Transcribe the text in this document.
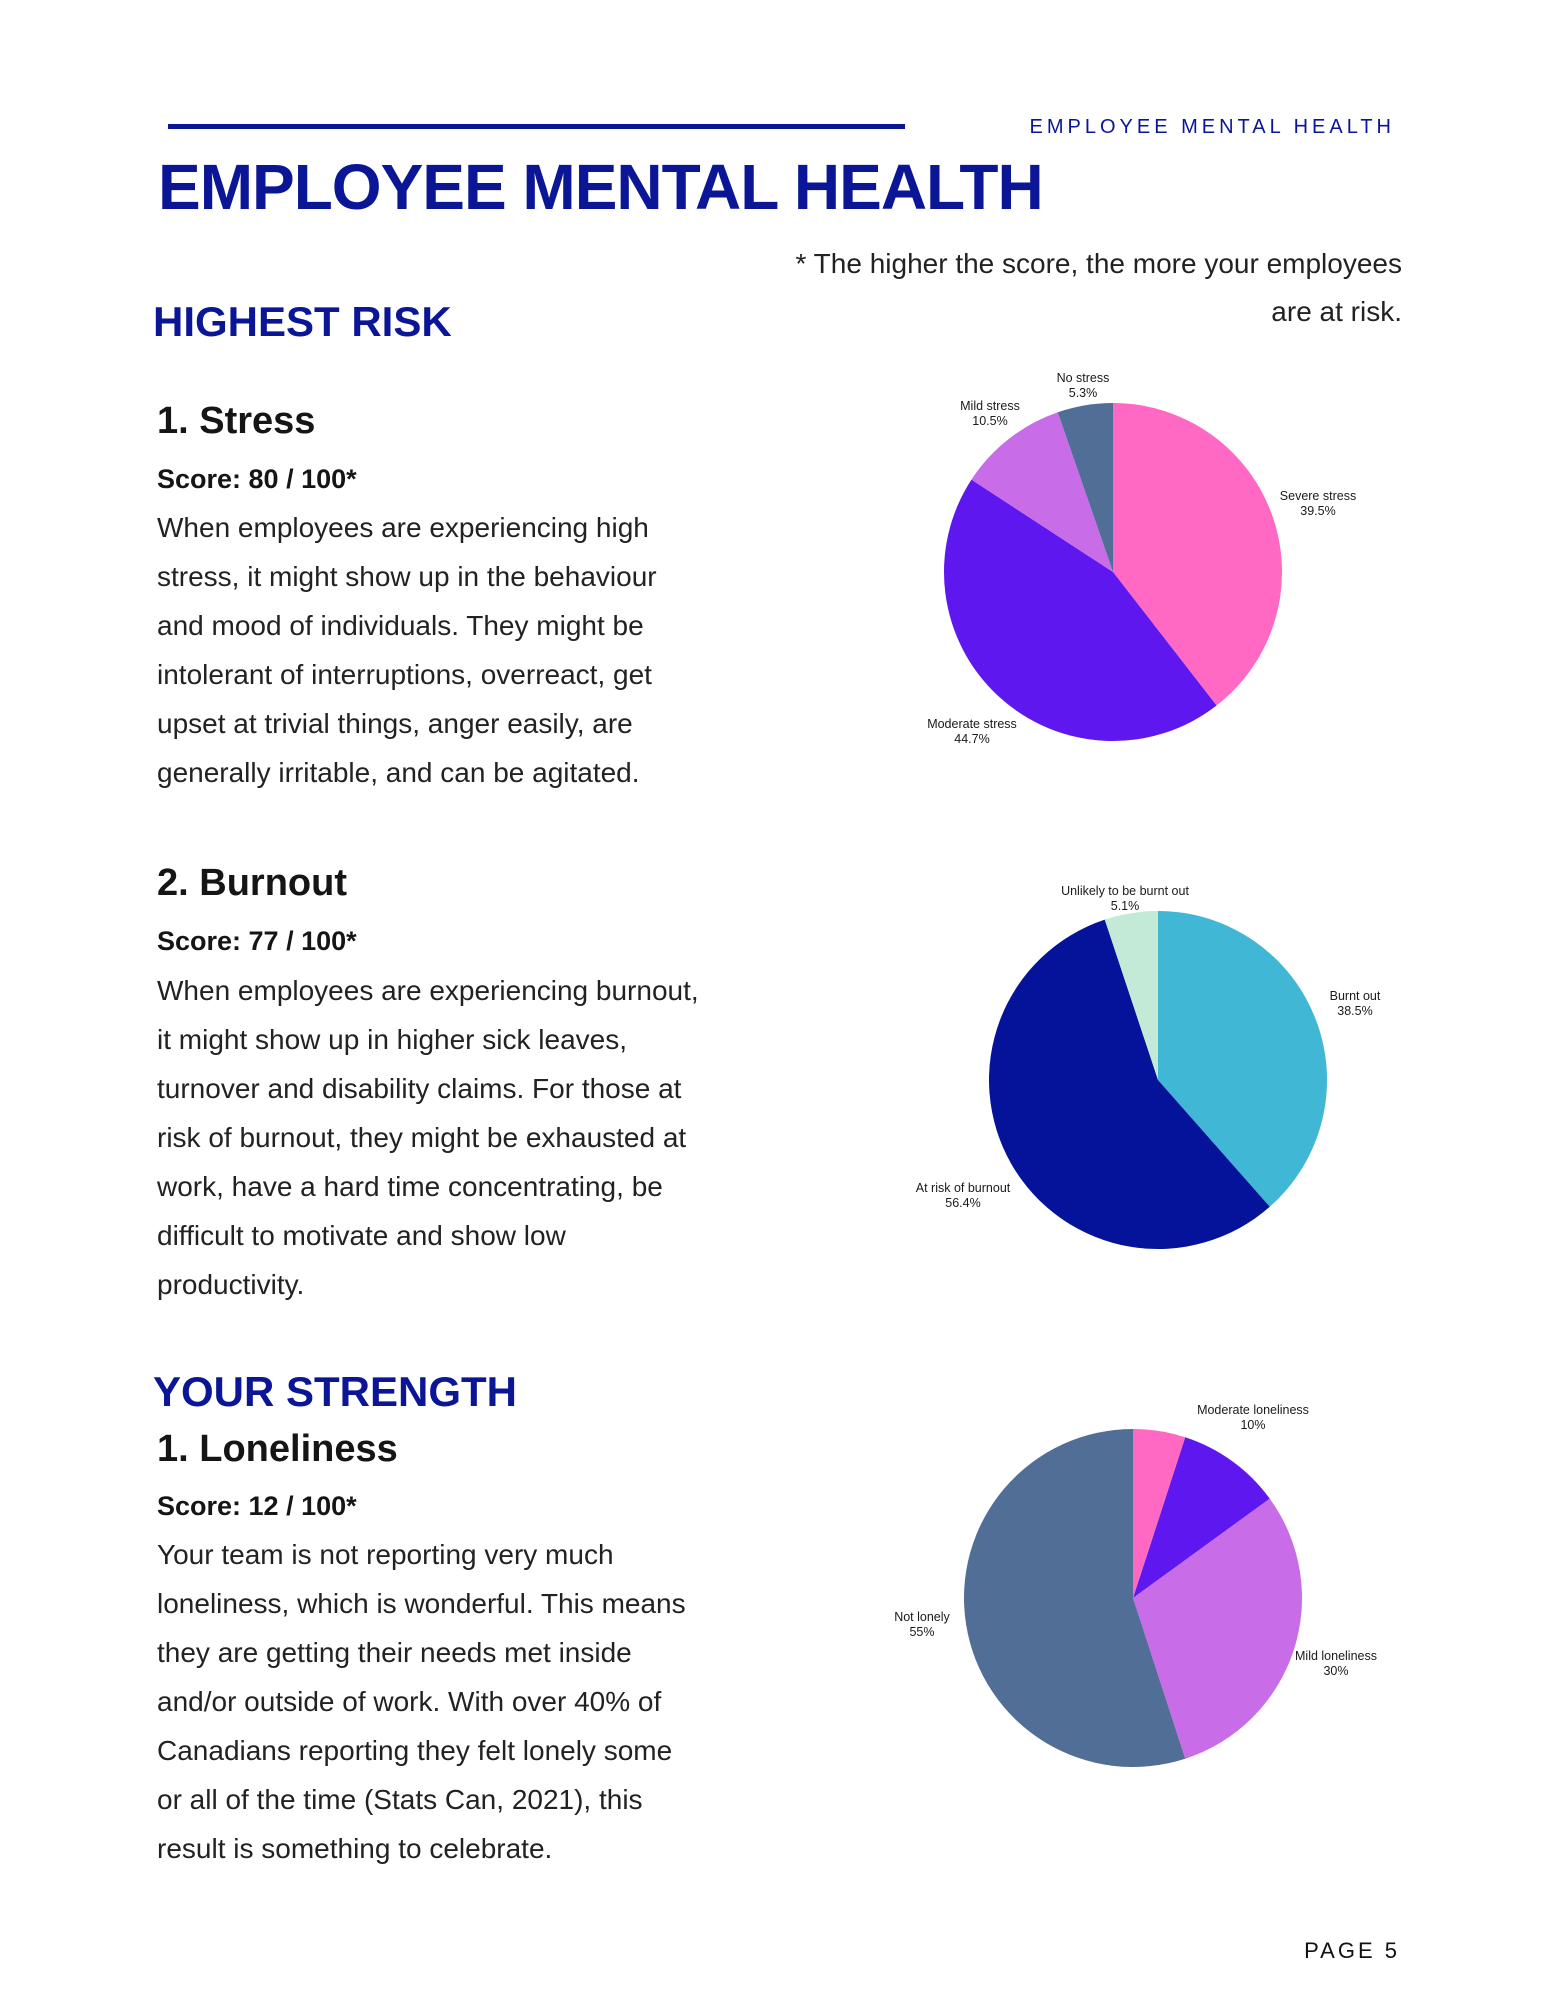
EMPLOYEE MENTAL HEALTH
EMPLOYEE MENTAL HEALTH
* The higher the score, the more your employees are at risk.
HIGHEST RISK
1. Stress
Score: 80 / 100*
When employees are experiencing high
stress, it might show up in the behaviour
and mood of individuals. They might be
intolerant of interruptions, overreact, get
upset at trivial things, anger easily, are
generally irritable, and can be agitated.
2. Burnout
Score: 77 / 100*
When employees are experiencing burnout,
it might show up in higher sick leaves,
turnover and disability claims. For those at
risk of burnout, they might be exhausted at
work, have a hard time concentrating, be
difficult to motivate and show low
productivity.
YOUR STRENGTH
1. Loneliness
Score: 12 / 100*
Your team is not reporting very much
loneliness, which is wonderful. This means
they are getting their needs met inside
and/or outside of work. With over 40% of
Canadians reporting they felt lonely some
or all of the time (Stats Can, 2021), this
result is something to celebrate.
Severe stress
39.5%
Moderate stress
44.7%
Mild stress
10.5%
No stress
5.3%
Burnt out
38.5%
At risk of burnout
56.4%
Unlikely to be burnt out
5.1%
Moderate loneliness
10%
Mild loneliness
30%
Not lonely
55%
PAGE 5
